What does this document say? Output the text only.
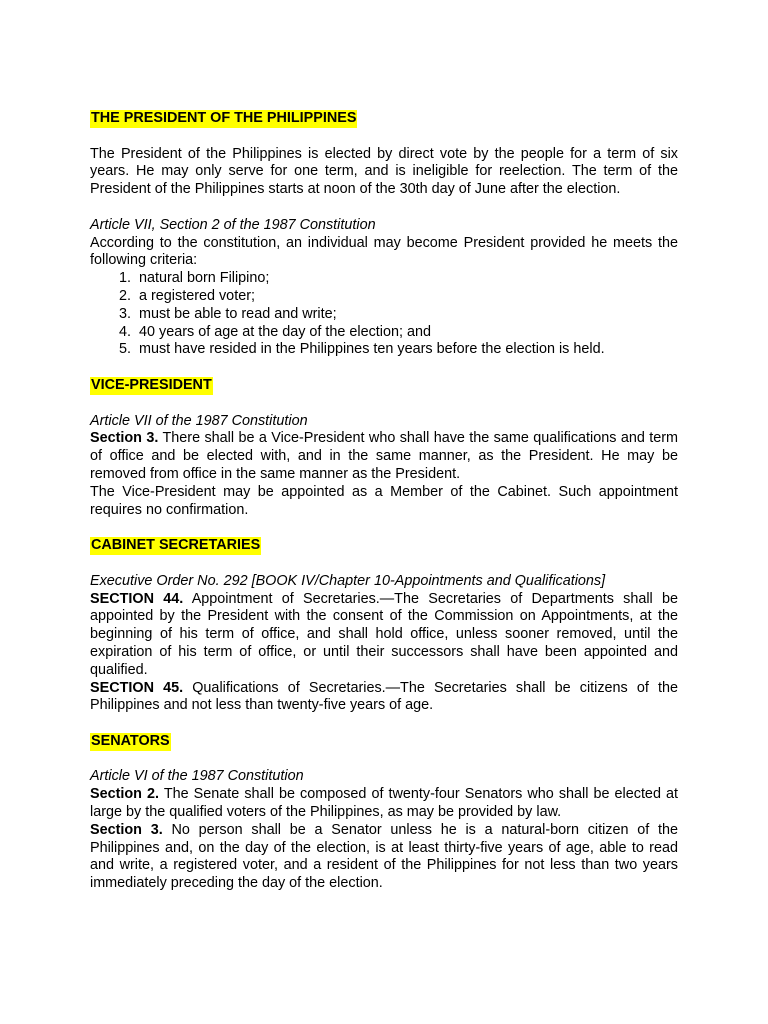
THE PRESIDENT OF THE PHILIPPINES

The President of the Philippines is elected by direct vote by the people for a term of six years. He may only serve for one term, and is ineligible for reelection. The term of the President of the Philippines starts at noon of the 30th day of June after the election.

Article VII, Section 2 of the 1987 Constitution

According to the constitution, an individual may become President provided he meets the following criteria:

1. natural born Filipino;
2. a registered voter;
3. must be able to read and write;
4. 40 years of age at the day of the election; and
5. must have resided in the Philippines ten years before the election is held.
VICE-PRESIDENT

Article VII of the 1987 Constitution

Section 3. There shall be a Vice-President who shall have the same qualifications and term of office and be elected with, and in the same manner, as the President. He may be removed from office in the same manner as the President.

The Vice-President may be appointed as a Member of the Cabinet. Such appointment requires no confirmation.

CABINET SECRETARIES

Executive Order No. 292 [BOOK IV/Chapter 10-Appointments and Qualifications]

SECTION 44. Appointment of Secretaries.—The Secretaries of Departments shall be appointed by the President with the consent of the Commission on Appointments, at the beginning of his term of office, and shall hold office, unless sooner removed, until the expiration of his term of office, or until their successors shall have been appointed and qualified.

SECTION 45. Qualifications of Secretaries.—The Secretaries shall be citizens of the Philippines and not less than twenty-five years of age.

SENATORS

Article VI of the 1987 Constitution

Section 2. The Senate shall be composed of twenty-four Senators who shall be elected at large by the qualified voters of the Philippines, as may be provided by law.

Section 3. No person shall be a Senator unless he is a natural-born citizen of the Philippines and, on the day of the election, is at least thirty-five years of age, able to read and write, a registered voter, and a resident of the Philippines for not less than two years immediately preceding the day of the election.
